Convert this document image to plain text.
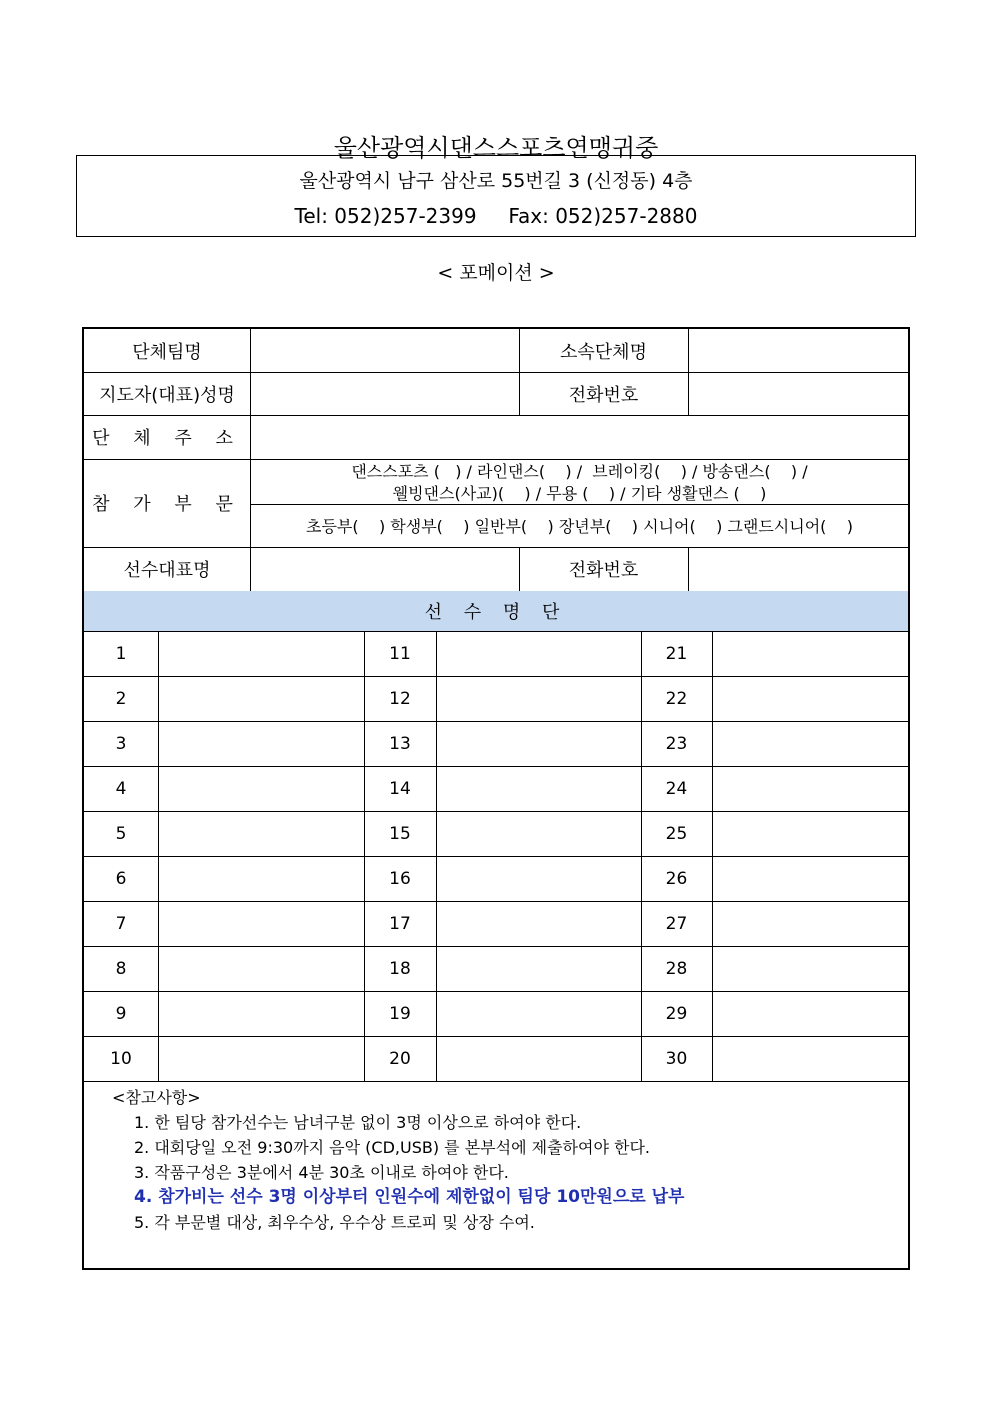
울산광역시댄스스포츠연맹귀중
울산광역시 남구 삼산로 55번길 3 (신정동) 4층
Tel: 052)257-2399     Fax: 052)257-2880
< 포메이션 >
단체팀명	소속단체명
지도자(대표)성명	전화번호
단 체 주 소
참 가 부 문
댄스스포츠 (   ) / 라인댄스(    ) /  브레이킹(    ) / 방송댄스(    ) /
웰빙댄스(사교)(    ) / 무용 (    ) / 기타 생활댄스 (    )
초등부(    ) 학생부(    ) 일반부(    ) 장년부(    ) 시니어(    ) 그랜드시니어(    )
선수대표명	전화번호
선 수 명 단
1	11	21
2	12	22
3	13	23
4	14	24
5	15	25
6	16	26
7	17	27
8	18	28
9	19	29
10	20	30
<참고사항>
1. 한 팀당 참가선수는 남녀구분 없이 3명 이상으로 하여야 한다.
2. 대회당일 오전 9:30까지 음악 (CD,USB) 를 본부석에 제출하여야 한다.
3. 작품구성은 3분에서 4분 30초 이내로 하여야 한다.
4. 참가비는 선수 3명 이상부터 인원수에 제한없이 팀당 10만원으로 납부
5. 각 부문별 대상, 최우수상, 우수상 트로피 및 상장 수여.
